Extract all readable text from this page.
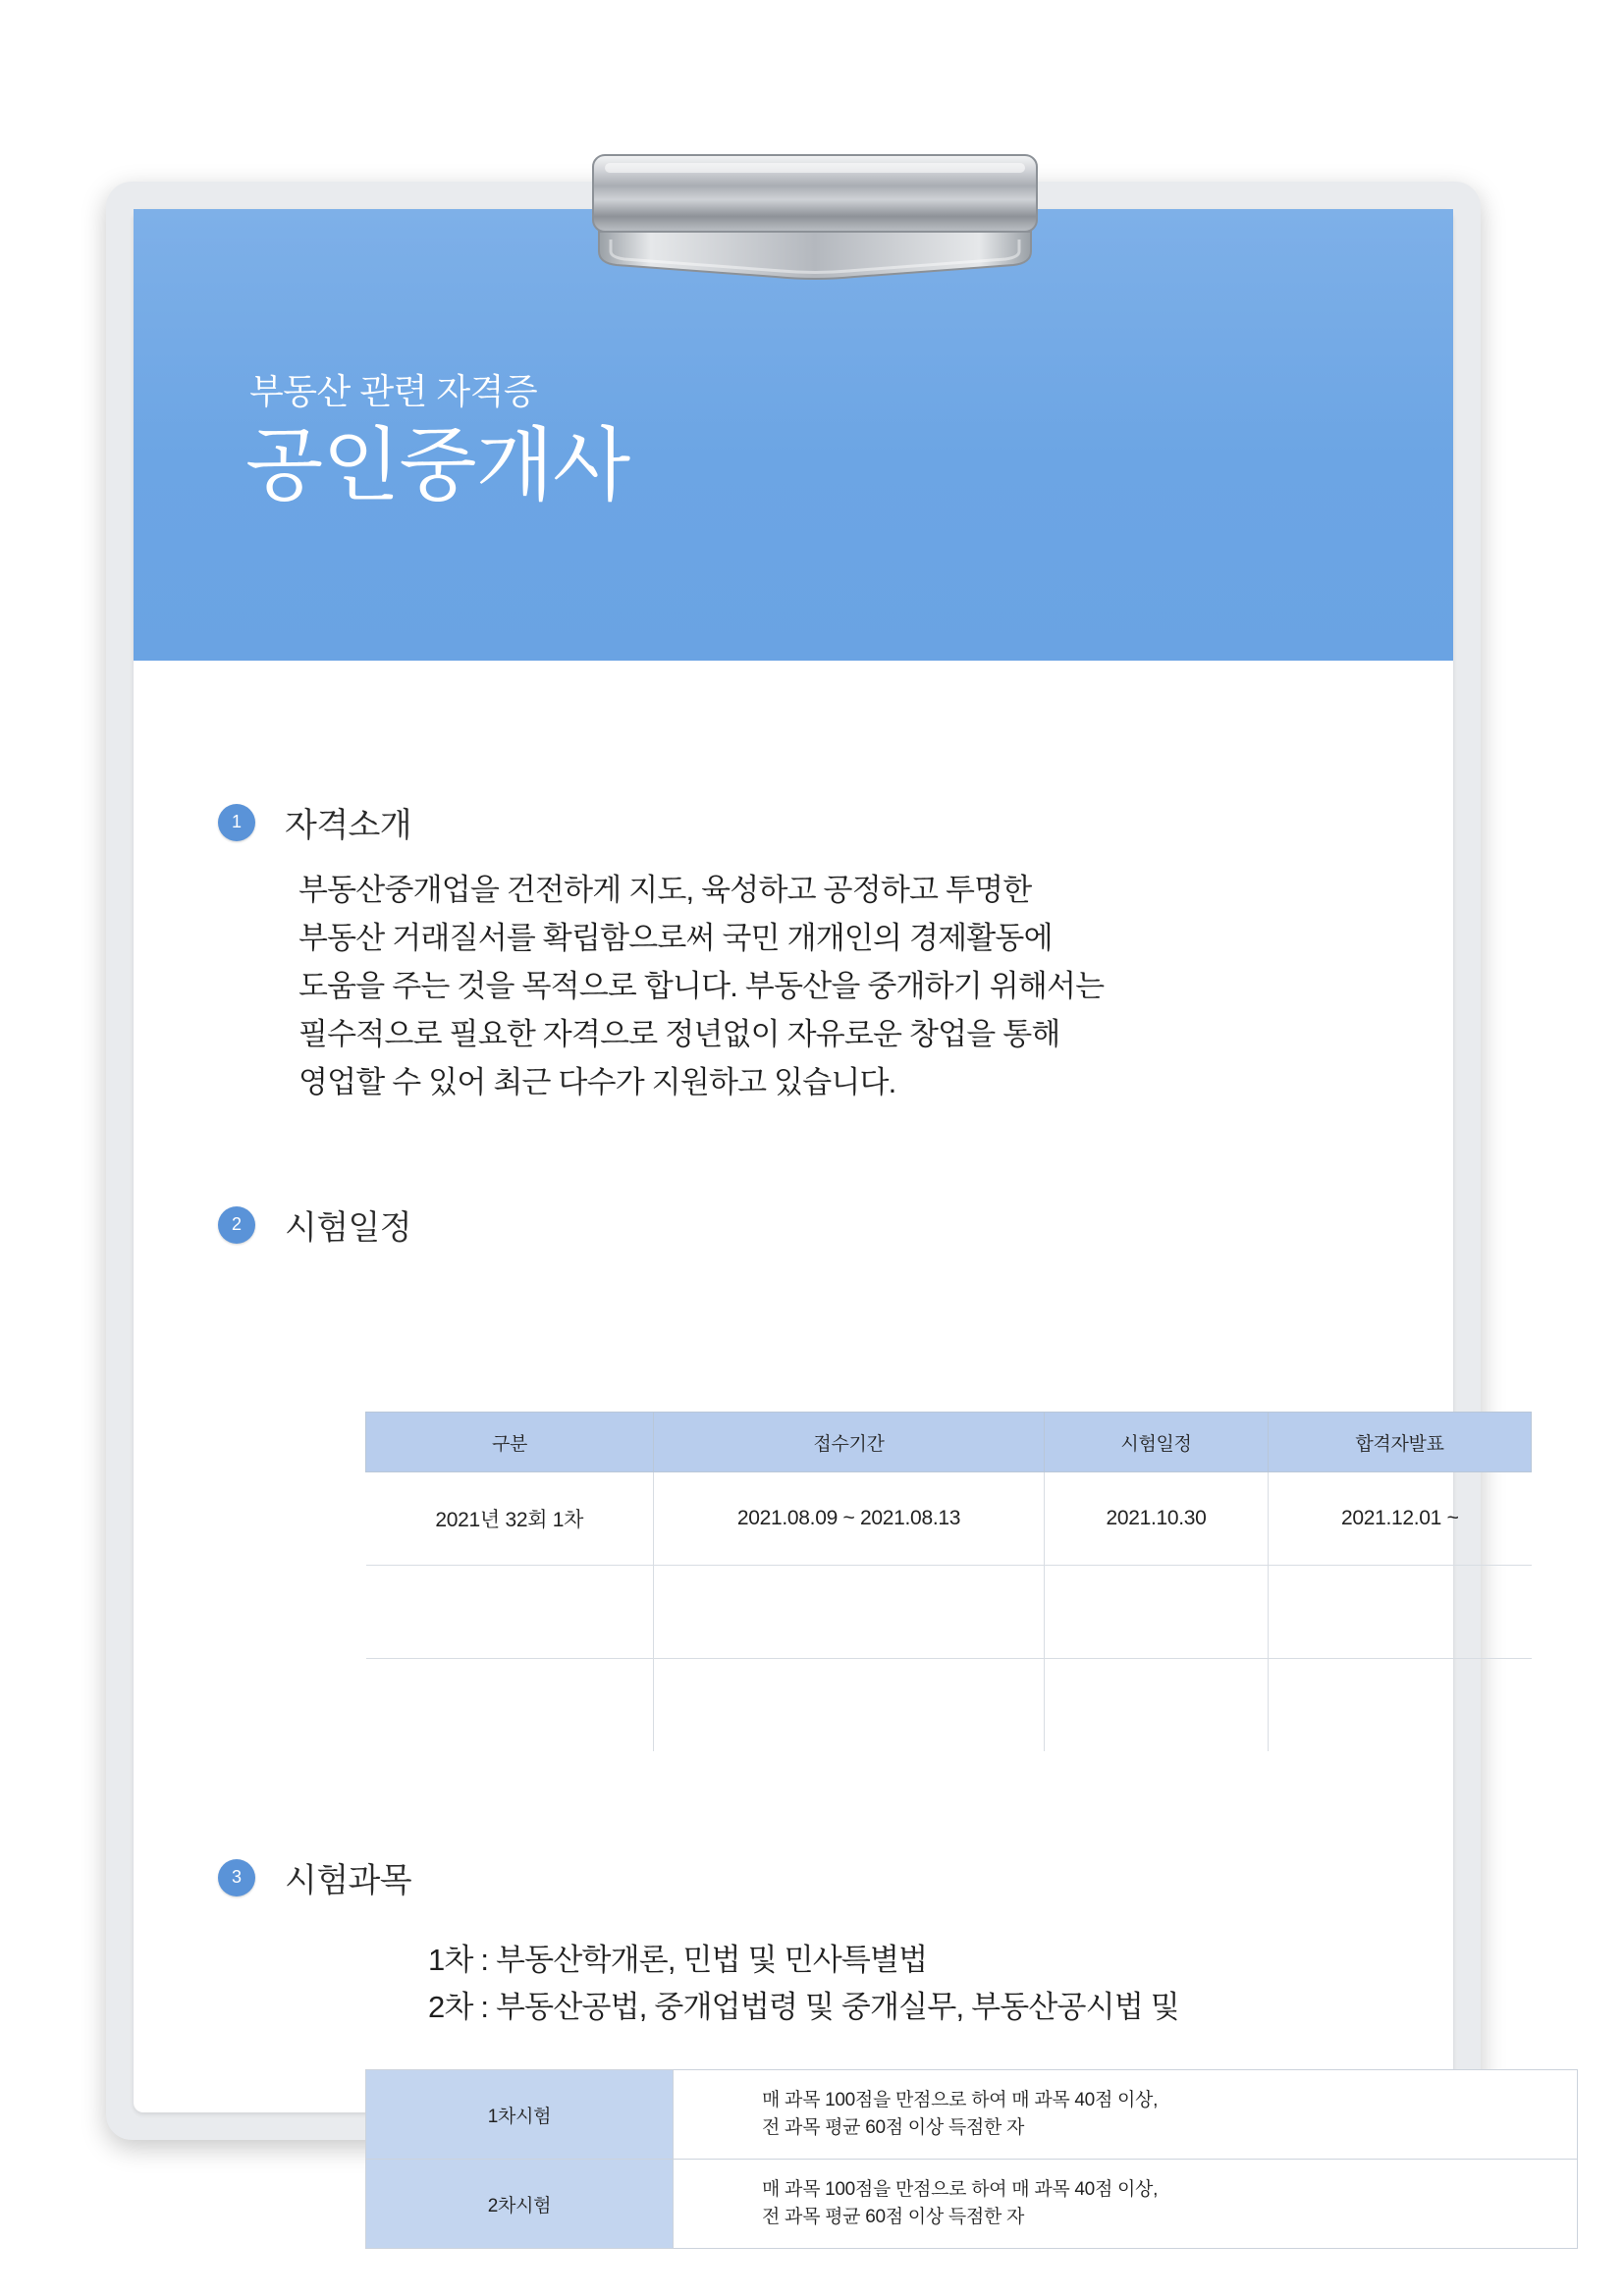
부동산 관련 자격증
공인중개사
1	자격소개
부동산중개업을 건전하게 지도, 육성하고 공정하고 투명한
부동산 거래질서를 확립함으로써 국민 개개인의 경제활동에
도움을 주는 것을 목적으로 합니다. 부동산을 중개하기 위해서는
필수적으로 필요한 자격으로 정년없이 자유로운 창업을 통해
영업할 수 있어 최근 다수가 지원하고 있습니다.
2	시험일정
구분	접수기간	시험일정	합격자발표
2021년 32회 1차	2021.08.09 ~ 2021.08.13	2021.10.30	2021.12.01 ~

3	시험과목
1차 : 부동산학개론, 민법 및 민사특별법
2차 : 부동산공법, 중개업법령 및 중개실무, 부동산공시법 및
1차시험	매 과목 100점을 만점으로 하여 매 과목 40점 이상,
전 과목 평균 60점 이상 득점한 자

2차시험	매 과목 100점을 만점으로 하여 매 과목 40점 이상,
전 과목 평균 60점 이상 득점한 자
